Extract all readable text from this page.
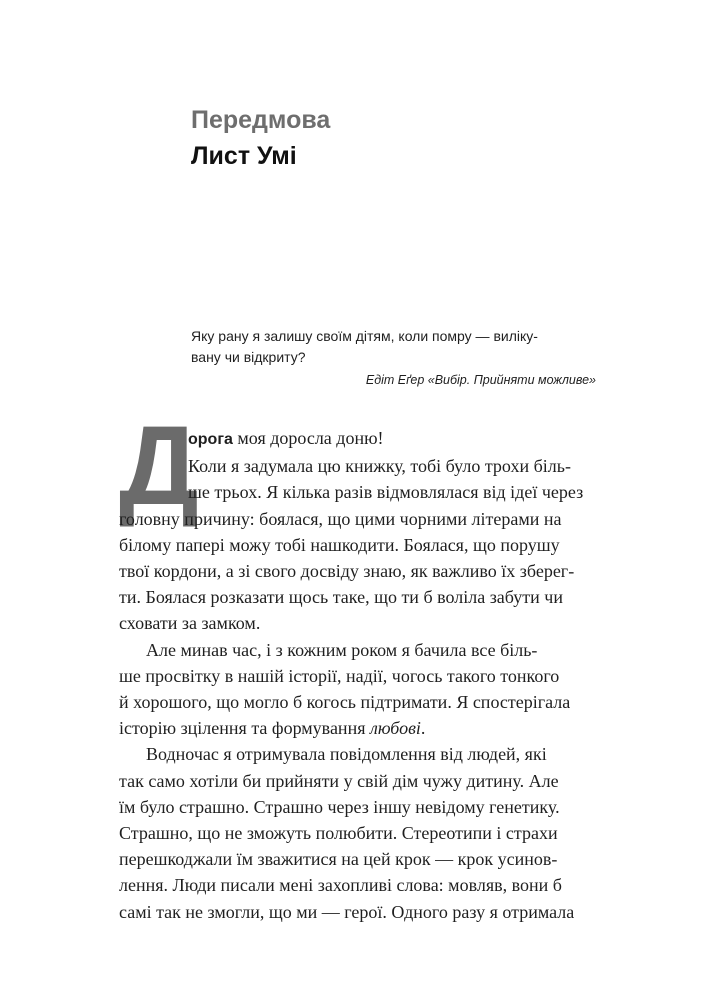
Передмова
Лист Умі
Яку рану я залишу своїм дітям, коли помру — виліку-
вану чи відкриту?
Едіт Еґер «Вибір. Прийняти можливе»
Д
орога моя доросла доню!
Коли я задумала цю книжку, тобі було трохи біль-
ше трьох. Я кілька разів відмовлялася від ідеї через
головну причину: боялася, що цими чорними літерами на
білому папері можу тобі нашкодити. Боялася, що порушу
твої кордони, а зі свого досвіду знаю, як важливо їх зберег-
ти. Боялася розказати щось таке, що ти б воліла забути чи
сховати за замком.
Але минав час, і з кожним роком я бачила все біль-
ше просвітку в нашій історії, надії, чогось такого тонкого
й хорошого, що могло б когось підтримати. Я спостерігала
історію зцілення та формування любові.
Водночас я отримувала повідомлення від людей, які
так само хотіли би прийняти у свій дім чужу дитину. Але
їм було страшно. Страшно через іншу невідому генетику.
Страшно, що не зможуть полюбити. Стереотипи і страхи
перешкоджали їм зважитися на цей крок — крок усинов-
лення. Люди писали мені захопливі слова: мовляв, вони б
самі так не змогли, що ми — герої. Одного разу я отримала
